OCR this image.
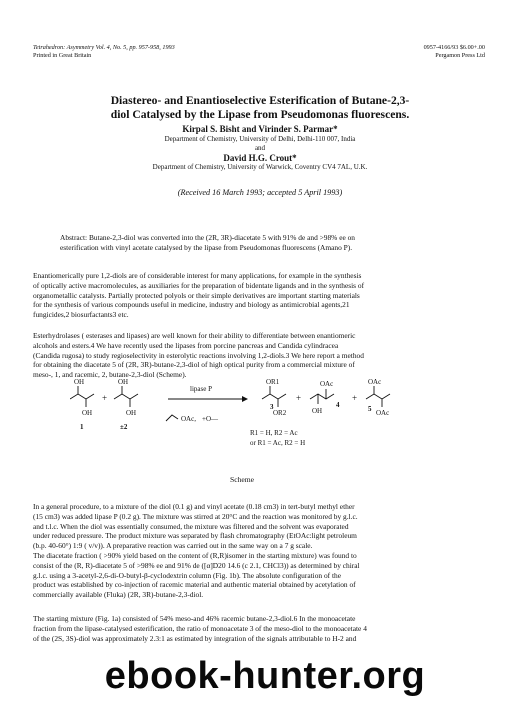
Tetrahedron: Asymmetry Vol. 4, No. 5, pp. 957-958, 1993
Printed in Great Britain
0957-4166/93 $6.00+.00
Pergamon Press Ltd
Diastereo- and Enantioselective Esterification of Butane-2,3-
diol Catalysed by the Lipase from Pseudomonas fluorescens.
Kirpal S. Bisht and Virinder S. Parmar*
Department of Chemistry, University of Delhi, Delhi-110 007, India
and
David H.G. Crout*
Department of Chemistry, University of Warwick, Coventry CV4 7AL, U.K.
(Received 16 March 1993; accepted 5 April 1993)
Abstract: Butane-2,3-diol was converted into the (2R, 3R)-diacetate 5 with 91% de and >98% ee on
esterification with vinyl acetate catalysed by the lipase from Pseudomonas fluorescens (Amano P).
Enantiomerically pure 1,2-diols are of considerable interest for many applications, for example in the synthesis
of optically active macromolecules, as auxiliaries for the preparation of bidentate ligands and in the synthesis of
organometallic catalysts. Partially protected polyols or their simple derivatives are important starting materials
for the synthesis of various compounds useful in medicine, industry and biology as antimicrobial agents,21
fungicides,2 biosurfactants3 etc.
Esterhydrolases ( esterases and lipases) are well known for their ability to differentiate between enantiomeric
alcohols and esters.4 We have recently used the lipases from porcine pancreas and Candida cylindracea
(Candida rugosa) to study regioselectivity in esterolytic reactions involving 1,2-diols.3 We here report a method
for obtaining the diacetate 5 of (2R, 3R)-butane-2,3-diol of high optical purity from a commercial mixture of
meso-, 1, and racemic, 2, butane-2,3-diol (Scheme).
OH
OH
1
+
OH
OH
±2
lipase P
OAc, +O—
OR1
OR2
3
+
OAc
OH
4
+
OAc
OAc
5
R1 = H, R2 = Ac
or R1 = Ac, R2 = H
Scheme
In a general procedure, to a mixture of the diol (0.1 g) and vinyl acetate (0.18 cm3) in tert-butyl methyl ether
(15 cm3) was added lipase P (0.2 g). The mixture was stirred at 20°C and the reaction was monitored by g.l.c.
and t.l.c. When the diol was essentially consumed, the mixture was filtered and the solvent was evaporated
under reduced pressure. The product mixture was separated by flash chromatography (EtOAc:light petroleum
(b.p. 40-60°) 1:9 ( v/v)). A preparative reaction was carried out in the same way on a 7 g scale.
The diacetate fraction ( >90% yield based on the content of (R,R)isomer in the starting mixture) was found to
consist of the (R, R)-diacetate 5 of >98% ee and 91% de ([α]D20 14.6 (c 2.1, CHCl3)) as determined by chiral
g.l.c. using a 3-acetyl-2,6-di-O-butyl-β-cyclodextrin column (Fig. 1b). The absolute configuration of the
product was established by co-injection of racemic material and authentic material obtained by acetylation of
commercially available (Fluka) (2R, 3R)-butane-2,3-diol.
The starting mixture (Fig. 1a) consisted of 54% meso-and 46% racemic butane-2,3-diol.6 In the monoacetate
fraction from the lipase-catalysed esterification, the ratio of monoacetate 3 of the meso-diol to the monoacetate 4
of the (2S, 3S)-diol was approximately 2.3:1 as estimated by integration of the signals attributable to H-2 and
ebook-hunter.org
